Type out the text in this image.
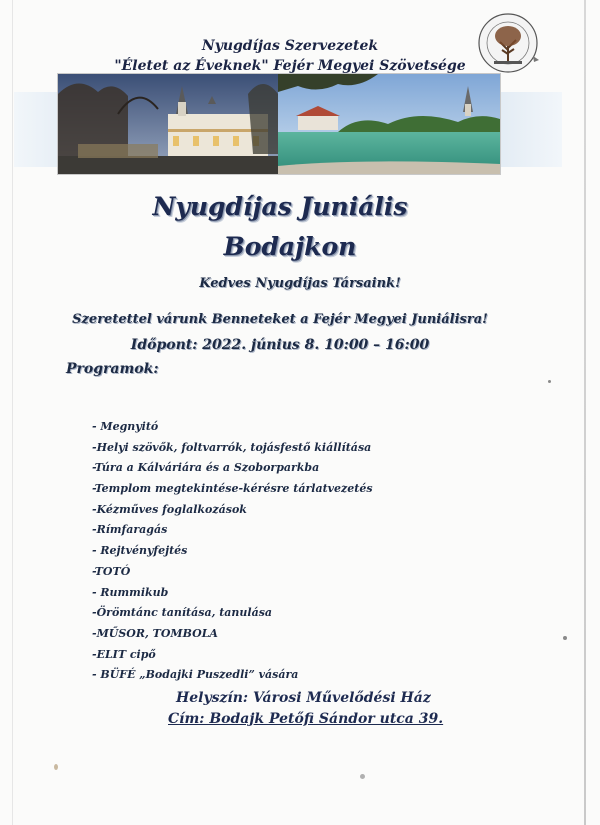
Nyugdíjas Szervezetek
"Életet az Éveknek" Fejér Megyei Szövetsége
Nyugdíjas Juniális
Bodajkon
Kedves Nyugdíjas Társaink!
Szeretettel várunk Benneteket a Fejér Megyei Juniálisra!
Időpont: 2022. június 8. 10:00 – 16:00
Programok:
- Megnyitó
-Helyi szövők, foltvarrók, tojásfestő kiállítása
-Túra a Kálváriára és a Szoborparkba
-Templom megtekintése-kérésre tárlatvezetés
-Kézműves foglalkozások
-Rímfaragás
- Rejtvényfejtés
-TOTÓ
- Rummikub
-Örömtánc tanítása, tanulása
-MŰSOR, TOMBOLA
-ELIT cipő
- BÜFÉ „Bodajki Puszedli” vására
Helyszín: Városi Művelődési Ház
Cím: Bodajk Petőfi Sándor utca 39.
